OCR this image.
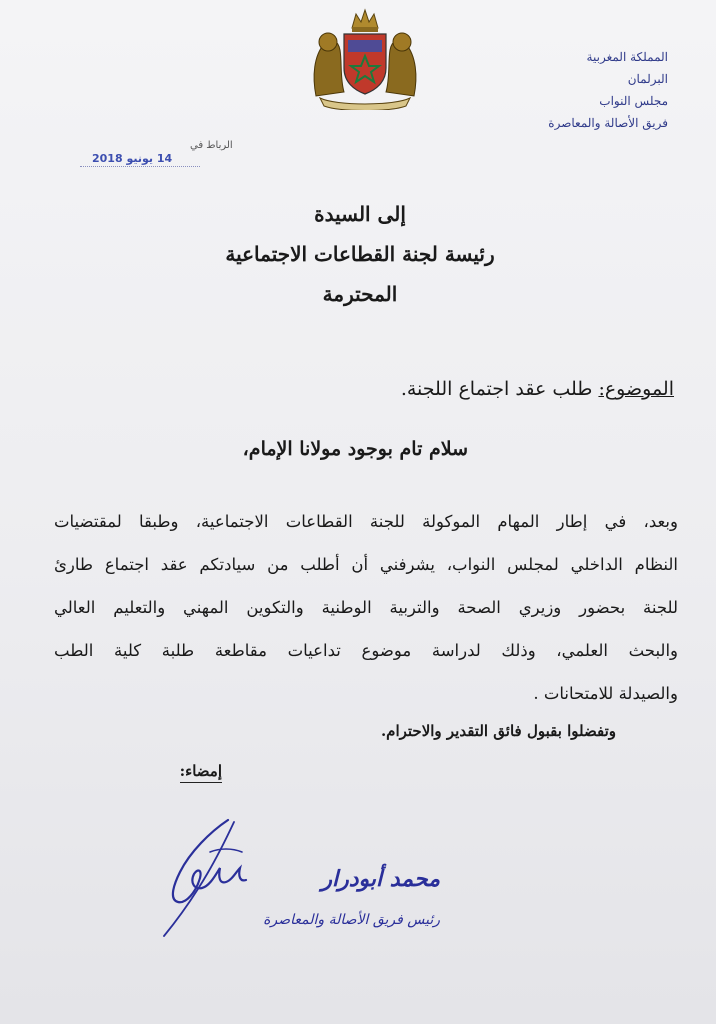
المملكة المغربية
البرلمان
مجلس النواب
فريق الأصالة والمعاصرة
الرباط في
14 يونيو 2018
إلى السيدة
رئيسة لجنة القطاعات الاجتماعية
المحترمة
الموضوع: طلب عقد اجتماع اللجنة.
سلام تام بوجود مولانا الإمام،
وبعد، في إطار المهام الموكولة للجنة القطاعات الاجتماعية، وطبقا لمقتضيات
النظام الداخلي لمجلس النواب، يشرفني أن أطلب من سيادتكم عقد اجتماع طارئ
للجنة بحضور وزيري الصحة والتربية الوطنية والتكوين المهني والتعليم العالي
والبحث العلمي، وذلك لدراسة موضوع تداعيات مقاطعة طلبة كلية الطب
والصيدلة للامتحانات .
وتفضلوا بقبول فائق التقدير والاحترام.
إمضاء:
محمد أبودرار
رئيس فريق الأصالة والمعاصرة
